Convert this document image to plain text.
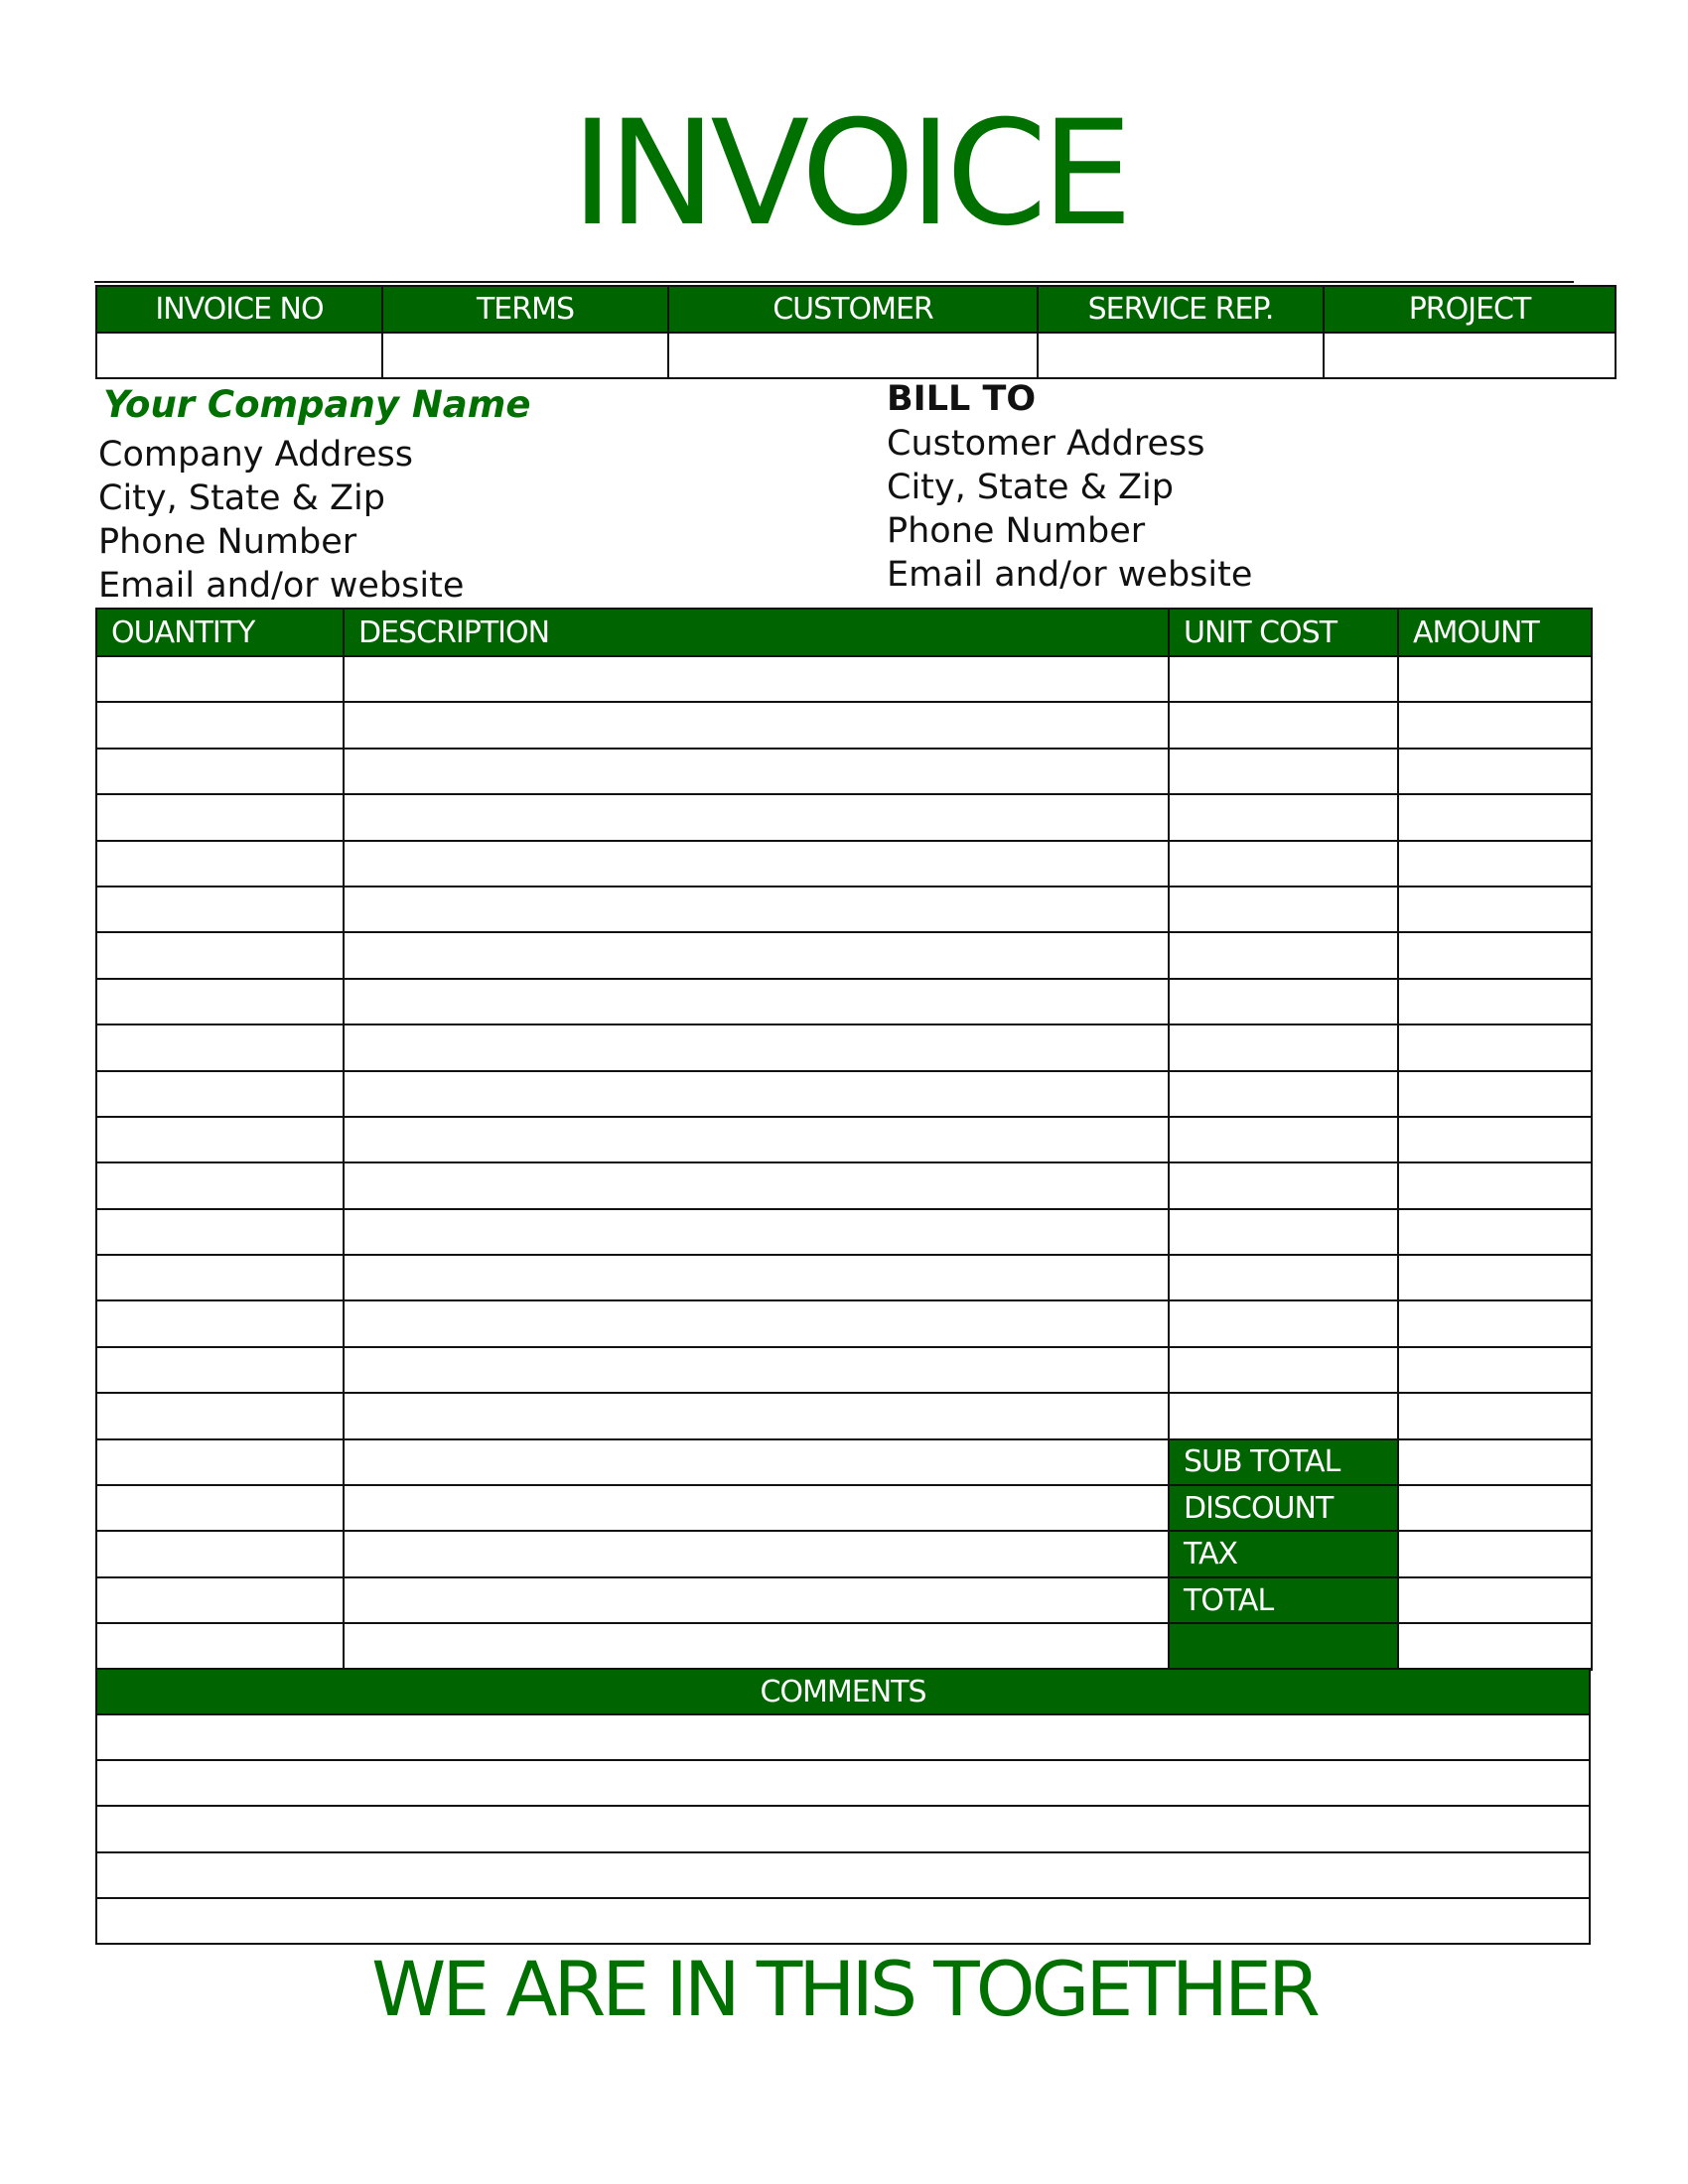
INVOICE
INVOICE NO	TERMS	CUSTOMER	SERVICE REP.	PROJECT

Your Company Name
Company Address
City, State & Zip
Phone Number
Email and/or website
BILL TO
Customer Address
City, State & Zip
Phone Number
Email and/or website
OUANTITY	DESCRIPTION	UNIT COST	AMOUNT

		SUB TOTAL	
		DISCOUNT	
		TAX	
		TOTAL	

COMMENTS

WE ARE IN THIS TOGETHER
